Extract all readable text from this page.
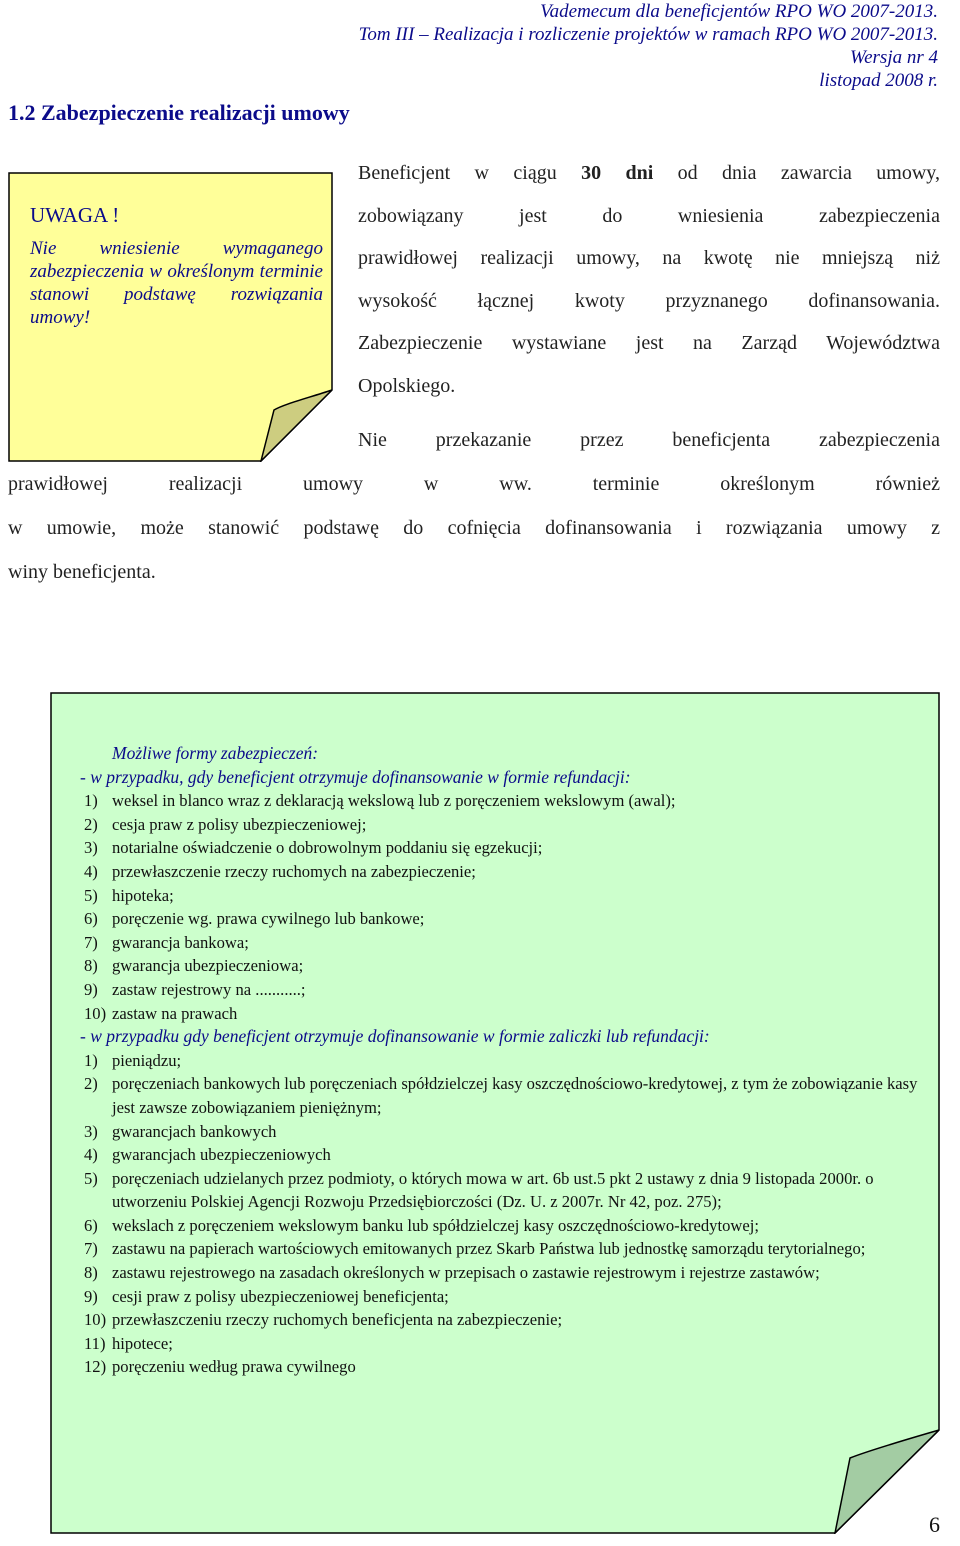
Vademecum dla beneficjentów RPO WO 2007-2013.
Tom III – Realizacja i rozliczenie projektów w ramach RPO WO 2007-2013.
Wersja nr 4
listopad 2008 r.
1.2 Zabezpieczenie realizacji umowy
UWAGA !
Nie wniesienie wymaganego zabezpieczenia w określonym terminie stanowi podstawę rozwiązania umowy!
Beneficjent w ciągu 30 dni od dnia zawarcia umowy,
zobowiązany jest do wniesienia zabezpieczenia
prawidłowej realizacji umowy, na kwotę nie mniejszą niż
wysokość łącznej kwoty przyznanego dofinansowania.
Zabezpieczenie wystawiane jest na Zarząd Województwa
Opolskiego.
Nie przekazanie przez beneficjenta zabezpieczenia
prawidłowej realizacji umowy w ww. terminie określonym również
w umowie, może stanowić podstawę do cofnięcia dofinansowania i rozwiązania umowy z
winy beneficjenta.
Możliwe formy zabezpieczeń:
- w przypadku, gdy beneficjent otrzymuje dofinansowanie w formie refundacji:
1) weksel in blanco wraz z deklaracją wekslową lub z poręczeniem wekslowym (awal);
2) cesja praw z polisy ubezpieczeniowej;
3) notarialne oświadczenie o dobrowolnym poddaniu się egzekucji;
4) przewłaszczenie rzeczy ruchomych na zabezpieczenie;
5) hipoteka;
6) poręczenie wg. prawa cywilnego lub bankowe;
7) gwarancja bankowa;
8) gwarancja ubezpieczeniowa;
9) zastaw rejestrowy na ...........;
10) zastaw na prawach
- w przypadku gdy beneficjent otrzymuje dofinansowanie w formie zaliczki lub refundacji:
1) pieniądzu;
2) poręczeniach bankowych lub poręczeniach spółdzielczej kasy oszczędnościowo-kredytowej, z tym że zobowiązanie kasy jest zawsze zobowiązaniem pieniężnym;
3) gwarancjach bankowych
4) gwarancjach ubezpieczeniowych
5) poręczeniach udzielanych przez podmioty, o których mowa w art. 6b ust.5 pkt 2 ustawy z dnia 9 listopada 2000r. o utworzeniu Polskiej Agencji Rozwoju Przedsiębiorczości (Dz. U. z 2007r. Nr 42, poz. 275);
6) wekslach z poręczeniem wekslowym banku lub spółdzielczej kasy oszczędnościowo-kredytowej;
7) zastawu na papierach wartościowych emitowanych przez Skarb Państwa lub jednostkę samorządu terytorialnego;
8) zastawu rejestrowego na zasadach określonych w przepisach o zastawie rejestrowym i rejestrze zastawów;
9) cesji praw z polisy ubezpieczeniowej beneficjenta;
10) przewłaszczeniu rzeczy ruchomych beneficjenta na zabezpieczenie;
11) hipotece;
12) poręczeniu według prawa cywilnego
6
